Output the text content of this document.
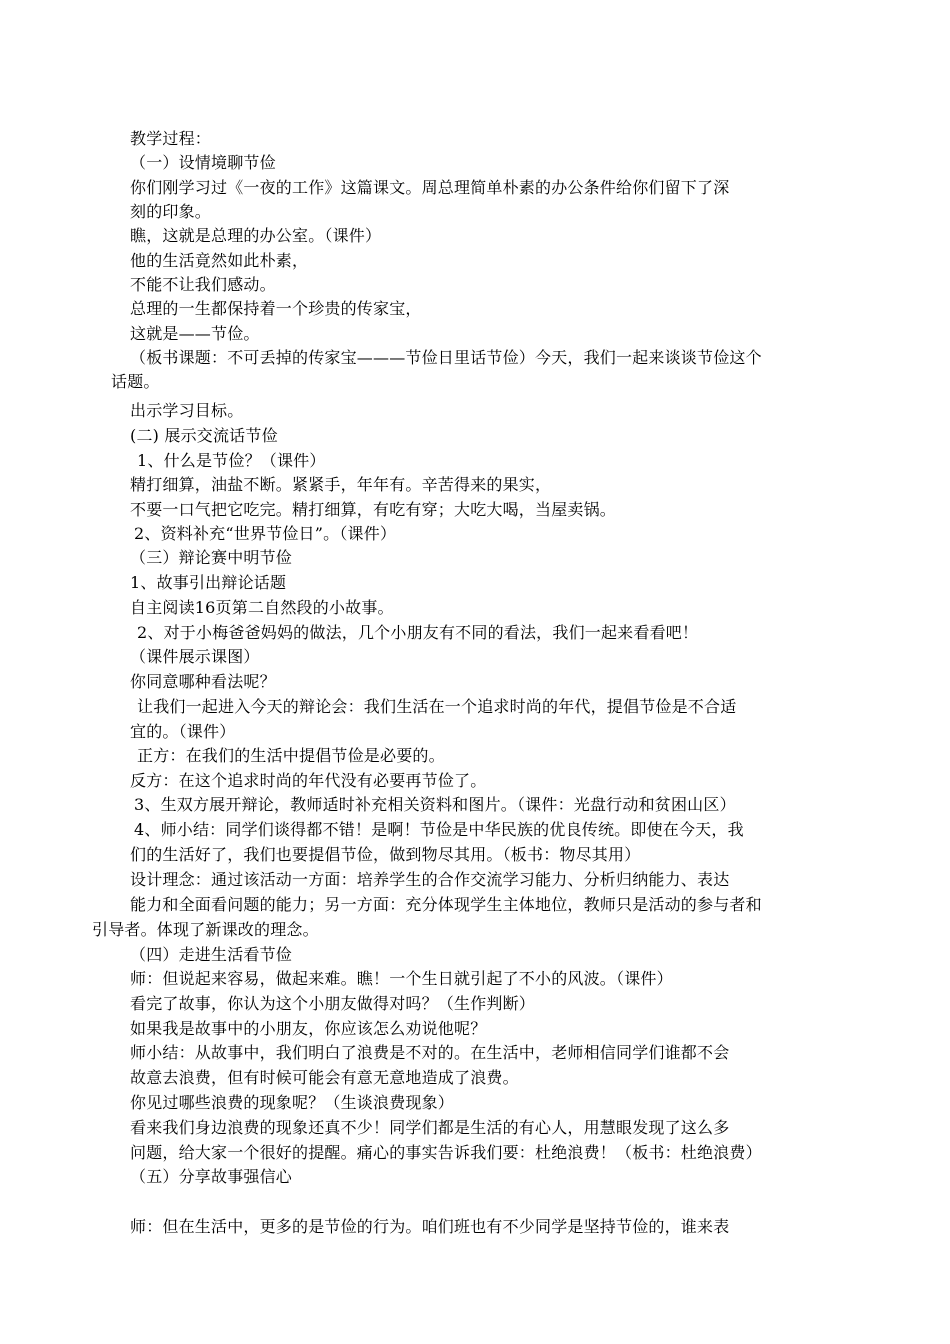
教学过程：
（一）设情境聊节俭
你们刚学习过《一夜的工作》这篇课文。周总理简单朴素的办公条件给你们留下了深
刻的印象。
瞧，这就是总理的办公室。（课件）
他的生活竟然如此朴素，
不能不让我们感动。
总理的一生都保持着一个珍贵的传家宝，
这就是——节俭。
（板书课题：不可丢掉的传家宝———节俭日里话节俭）今天，我们一起来谈谈节俭这个
话题。
出示学习目标。
(二) 展示交流话节俭
1、什么是节俭？（课件）
精打细算，油盐不断。紧紧手，年年有。辛苦得来的果实，
不要一口气把它吃完。精打细算，有吃有穿；大吃大喝，当屋卖锅。
2、资料补充“世界节俭日”。（课件）
（三）辩论赛中明节俭
1、故事引出辩论话题
自主阅读16页第二自然段的小故事。
2、对于小梅爸爸妈妈的做法，几个小朋友有不同的看法，我们一起来看看吧！
（课件展示课图）
你同意哪种看法呢？
让我们一起进入今天的辩论会：我们生活在一个追求时尚的年代，提倡节俭是不合适
宜的。（课件）
正方：在我们的生活中提倡节俭是必要的。
反方：在这个追求时尚的年代没有必要再节俭了。
3、生双方展开辩论，教师适时补充相关资料和图片。（课件：光盘行动和贫困山区）
4、师小结：同学们谈得都不错！是啊！节俭是中华民族的优良传统。即使在今天，我
们的生活好了，我们也要提倡节俭，做到物尽其用。（板书：物尽其用）
设计理念：通过该活动一方面：培养学生的合作交流学习能力、分析归纳能力、表达
能力和全面看问题的能力；另一方面：充分体现学生主体地位，教师只是活动的参与者和
引导者。体现了新课改的理念。
（四）走进生活看节俭
师：但说起来容易，做起来难。瞧！一个生日就引起了不小的风波。（课件）
看完了故事，你认为这个小朋友做得对吗？（生作判断）
如果我是故事中的小朋友，你应该怎么劝说他呢？
师小结：从故事中，我们明白了浪费是不对的。在生活中，老师相信同学们谁都不会
故意去浪费，但有时候可能会有意无意地造成了浪费。
你见过哪些浪费的现象呢？（生谈浪费现象）
看来我们身边浪费的现象还真不少！同学们都是生活的有心人，用慧眼发现了这么多
问题，给大家一个很好的提醒。痛心的事实告诉我们要：杜绝浪费！（板书：杜绝浪费）
（五）分享故事强信心
师：但在生活中，更多的是节俭的行为。咱们班也有不少同学是坚持节俭的，谁来表
